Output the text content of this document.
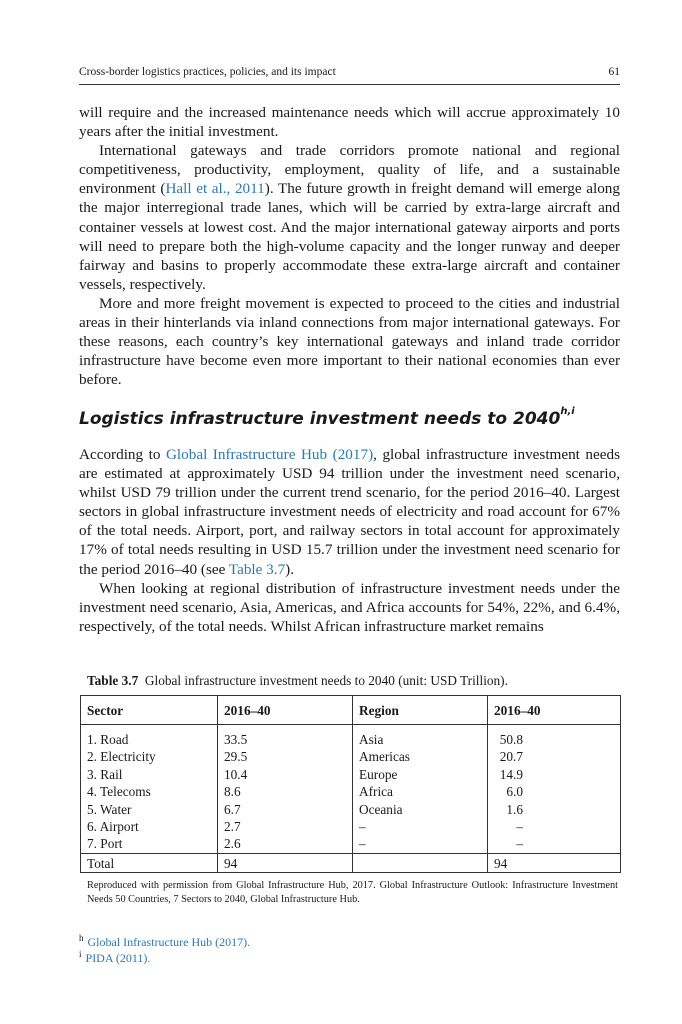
Cross-border logistics practices, policies, and its impact	61

will require and the increased maintenance needs which will accrue approximately 10 years after the initial investment.

International gateways and trade corridors promote national and regional competitiveness, productivity, employment, quality of life, and a sustainable environment (Hall et al., 2011). The future growth in freight demand will emerge along the major interregional trade lanes, which will be carried by extra-large aircraft and container vessels at lowest cost. And the major international gateway airports and ports will need to prepare both the high-volume capacity and the longer runway and deeper fairway and basins to properly accommodate these extra-large aircraft and container vessels, respectively.

More and more freight movement is expected to proceed to the cities and industrial areas in their hinterlands via inland connections from major international gateways. For these reasons, each country’s key international gateways and inland trade corridor infrastructure have become even more important to their national economies than ever before.

Logistics infrastructure investment needs to 2040$^{h,i}$

According to Global Infrastructure Hub (2017), global infrastructure investment needs are estimated at approximately USD 94 trillion under the investment need scenario, whilst USD 79 trillion under the current trend scenario, for the period 2016–40. Largest sectors in global infrastructure investment needs of electricity and road account for 67% of the total needs. Airport, port, and railway sectors in total account for approximately 17% of total needs resulting in USD 15.7 trillion under the investment need scenario for the period 2016–40 (see Table 3.7).

When looking at regional distribution of infrastructure investment needs under the investment need scenario, Asia, Americas, and Africa accounts for 54%, 22%, and 6.4%, respectively, of the total needs. Whilst African infrastructure market remains

Table 3.7 Global infrastructure investment needs to 2040 (unit: USD Trillion).
Sector	2016–40	Region	2016–40

1. Road	33.5	Asia	50.8
2. Electricity	29.5	Americas	20.7
3. Rail	10.4	Europe	14.9
4. Telecoms	8.6	Africa	6.0
5. Water	6.7	Oceania	1.6
6. Airport	2.7	–	–
7. Port	2.6	–	–
Total	94		94
Reproduced with permission from Global Infrastructure Hub, 2017. Global Infrastructure Outlook: Infrastructure Investment Needs 50 Countries, 7 Sectors to 2040, Global Infrastructure Hub.
$^h$ Global Infrastructure Hub (2017).
$^i$ PIDA (2011).
